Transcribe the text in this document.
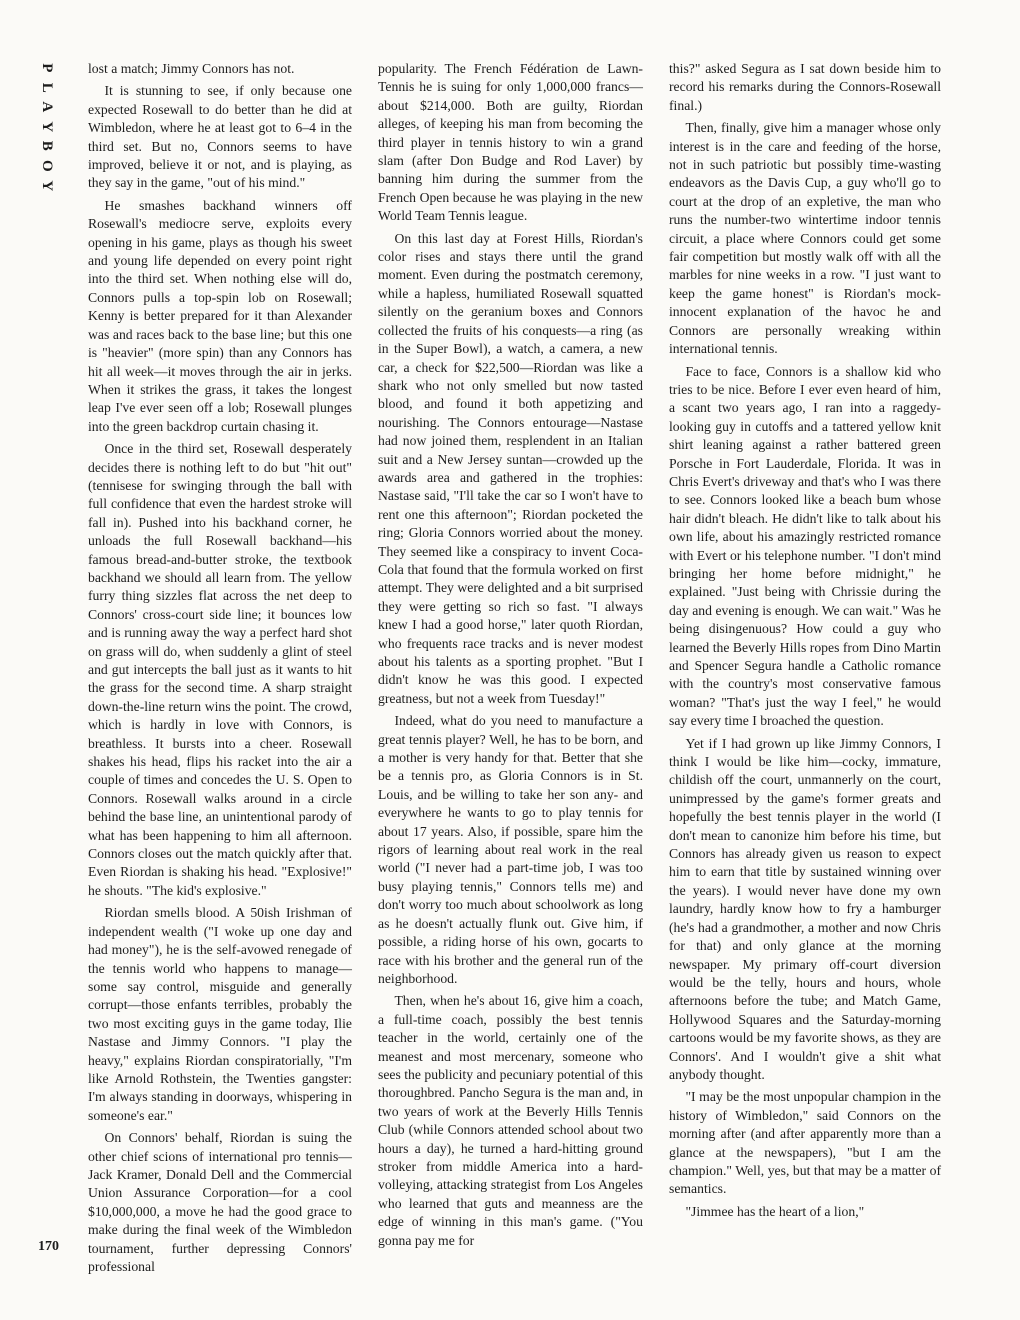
P
L
A
Y
B
O
Y

lost a match; Jimmy Connors has not.

It is stunning to see, if only because one expected Rosewall to do better than he did at Wimbledon, where he at least got to 6–4 in the third set. But no, Connors seems to have improved, believe it or not, and is playing, as they say in the game, "out of his mind."

He smashes backhand winners off Rosewall's mediocre serve, exploits every opening in his game, plays as though his sweet and young life depended on every point right into the third set. When nothing else will do, Connors pulls a top-spin lob on Rosewall; Kenny is better prepared for it than Alexander was and races back to the base line; but this one is "heavier" (more spin) than any Connors has hit all week—it moves through the air in jerks. When it strikes the grass, it takes the longest leap I've ever seen off a lob; Rosewall plunges into the green backdrop curtain chasing it.

Once in the third set, Rosewall desperately decides there is nothing left to do but "hit out" (tennisese for swinging through the ball with full confidence that even the hardest stroke will fall in). Pushed into his backhand corner, he unloads the full Rosewall backhand—his famous bread-and-butter stroke, the textbook backhand we should all learn from. The yellow furry thing sizzles flat across the net deep to Connors' cross-court side line; it bounces low and is running away the way a perfect hard shot on grass will do, when suddenly a glint of steel and gut intercepts the ball just as it wants to hit the grass for the second time. A sharp straight down-the-line return wins the point. The crowd, which is hardly in love with Connors, is breathless. It bursts into a cheer. Rosewall shakes his head, flips his racket into the air a couple of times and concedes the U. S. Open to Connors. Rosewall walks around in a circle behind the base line, an unintentional parody of what has been happening to him all afternoon. Connors closes out the match quickly after that. Even Riordan is shaking his head. "Explosive!" he shouts. "The kid's explosive."

Riordan smells blood. A 50ish Irishman of independent wealth ("I woke up one day and had money"), he is the self-avowed renegade of the tennis world who happens to manage—some say control, misguide and generally corrupt—those enfants terribles, probably the two most exciting guys in the game today, Ilie Nastase and Jimmy Connors. "I play the heavy," explains Riordan conspiratorially, "I'm like Arnold Rothstein, the Twenties gangster: I'm always standing in doorways, whispering in someone's ear."

On Connors' behalf, Riordan is suing the other chief scions of international pro tennis—Jack Kramer, Donald Dell and the Commercial Union Assurance Corporation—for a cool $10,000,000, a move he had the good grace to make during the final week of the Wimbledon tournament, further depressing Connors' professional

popularity. The French Fédération de Lawn-Tennis he is suing for only 1,000,000 francs—about $214,000. Both are guilty, Riordan alleges, of keeping his man from becoming the third player in tennis history to win a grand slam (after Don Budge and Rod Laver) by banning him during the summer from the French Open because he was playing in the new World Team Tennis league.

On this last day at Forest Hills, Riordan's color rises and stays there until the grand moment. Even during the postmatch ceremony, while a hapless, humiliated Rosewall squatted silently on the geranium boxes and Connors collected the fruits of his conquests—a ring (as in the Super Bowl), a watch, a camera, a new car, a check for $22,500—Riordan was like a shark who not only smelled but now tasted blood, and found it both appetizing and nourishing. The Connors entourage—Nastase had now joined them, resplendent in an Italian suit and a New Jersey suntan—crowded up the awards area and gathered in the trophies: Nastase said, "I'll take the car so I won't have to rent one this afternoon"; Riordan pocketed the ring; Gloria Connors worried about the money. They seemed like a conspiracy to invent Coca-Cola that found that the formula worked on first attempt. They were delighted and a bit surprised they were getting so rich so fast. "I always knew I had a good horse," later quoth Riordan, who frequents race tracks and is never modest about his talents as a sporting prophet. "But I didn't know he was this good. I expected greatness, but not a week from Tuesday!"

Indeed, what do you need to manufacture a great tennis player? Well, he has to be born, and a mother is very handy for that. Better that she be a tennis pro, as Gloria Connors is in St. Louis, and be willing to take her son any- and everywhere he wants to go to play tennis for about 17 years. Also, if possible, spare him the rigors of learning about real work in the real world ("I never had a part-time job, I was too busy playing tennis," Connors tells me) and don't worry too much about schoolwork as long as he doesn't actually flunk out. Give him, if possible, a riding horse of his own, gocarts to race with his brother and the general run of the neighborhood.

Then, when he's about 16, give him a coach, a full-time coach, possibly the best tennis teacher in the world, certainly one of the meanest and most mercenary, someone who sees the publicity and pecuniary potential of this thoroughbred. Pancho Segura is the man and, in two years of work at the Beverly Hills Tennis Club (while Connors attended school about two hours a day), he turned a hard-hitting ground stroker from middle America into a hard-volleying, attacking strategist from Los Angeles who learned that guts and meanness are the edge of winning in this man's game. ("You gonna pay me for

this?" asked Segura as I sat down beside him to record his remarks during the Connors-Rosewall final.)

Then, finally, give him a manager whose only interest is in the care and feeding of the horse, not in such patriotic but possibly time-wasting endeavors as the Davis Cup, a guy who'll go to court at the drop of an expletive, the man who runs the number-two wintertime indoor tennis circuit, a place where Connors could get some fair competition but mostly walk off with all the marbles for nine weeks in a row. "I just want to keep the game honest" is Riordan's mock-innocent explanation of the havoc he and Connors are personally wreaking within international tennis.

Face to face, Connors is a shallow kid who tries to be nice. Before I ever even heard of him, a scant two years ago, I ran into a raggedy-looking guy in cutoffs and a tattered yellow knit shirt leaning against a rather battered green Porsche in Fort Lauderdale, Florida. It was in Chris Evert's driveway and that's who I was there to see. Connors looked like a beach bum whose hair didn't bleach. He didn't like to talk about his own life, about his amazingly restricted romance with Evert or his telephone number. "I don't mind bringing her home before midnight," he explained. "Just being with Chrissie during the day and evening is enough. We can wait." Was he being disingenuous? How could a guy who learned the Beverly Hills ropes from Dino Martin and Spencer Segura handle a Catholic romance with the country's most conservative famous woman? "That's just the way I feel," he would say every time I broached the question.

Yet if I had grown up like Jimmy Connors, I think I would be like him—cocky, immature, childish off the court, unmannerly on the court, unimpressed by the game's former greats and hopefully the best tennis player in the world (I don't mean to canonize him before his time, but Connors has already given us reason to expect him to earn that title by sustained winning over the years). I would never have done my own laundry, hardly know how to fry a hamburger (he's had a grandmother, a mother and now Chris for that) and only glance at the morning newspaper. My primary off-court diversion would be the telly, hours and hours, whole afternoons before the tube; and Match Game, Hollywood Squares and the Saturday-morning cartoons would be my favorite shows, as they are Connors'. And I wouldn't give a shit what anybody thought.

"I may be the most unpopular champion in the history of Wimbledon," said Connors on the morning after (and after apparently more than a glance at the newspapers), "but I am the champion." Well, yes, but that may be a matter of semantics.

"Jimmee has the heart of a lion,"

170
